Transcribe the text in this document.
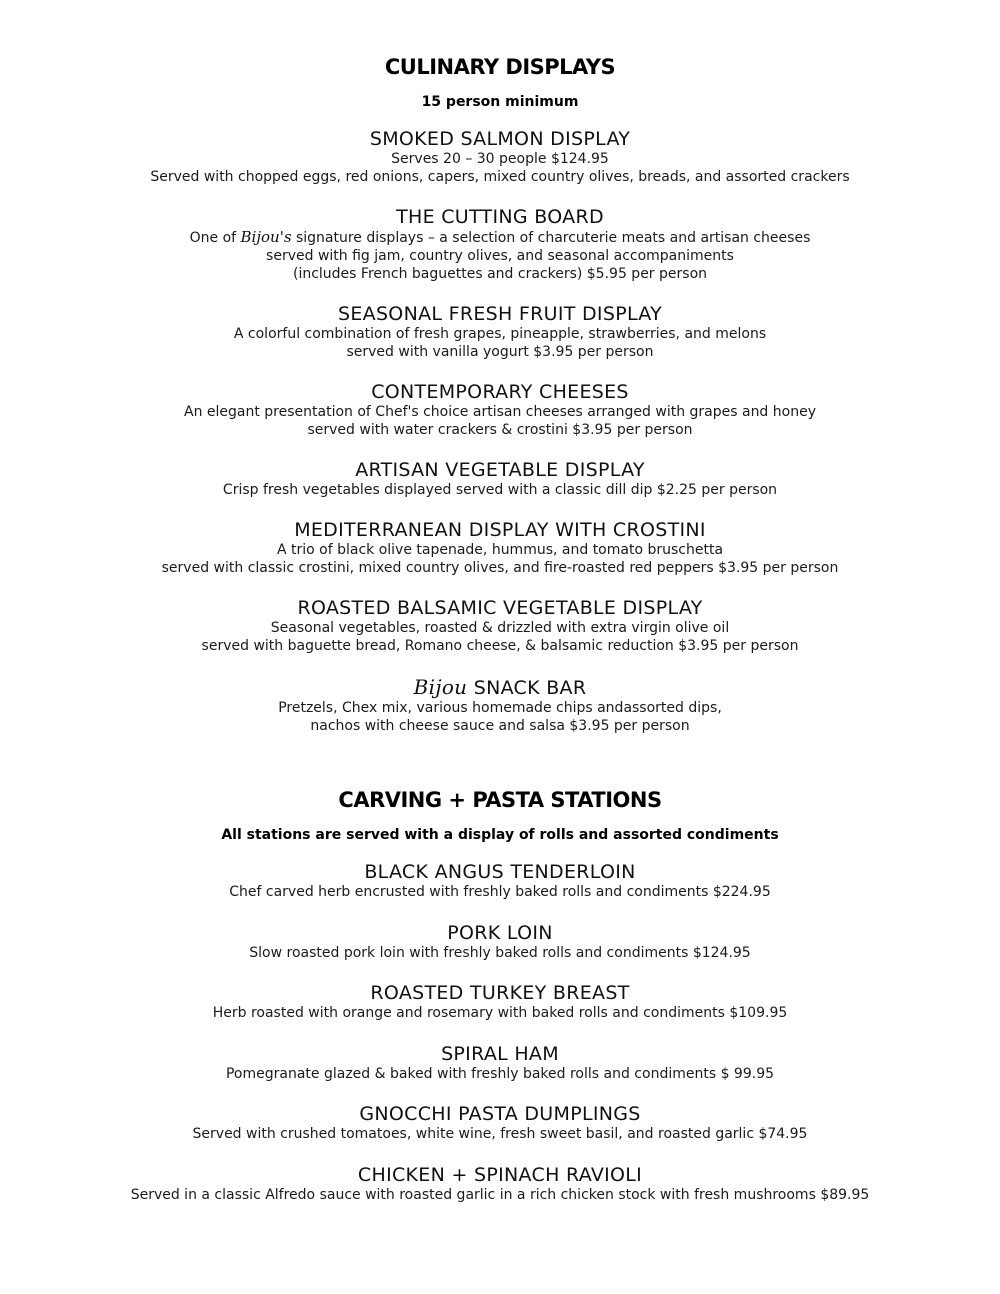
CULINARY DISPLAYS

15 person minimum

SMOKED SALMON DISPLAY

Serves 20 – 30 people $124.95

Served with chopped eggs, red onions, capers, mixed country olives, breads, and assorted crackers

THE CUTTING BOARD

One of Bijou's signature displays – a selection of charcuterie meats and artisan cheeses

served with fig jam, country olives, and seasonal accompaniments

(includes French baguettes and crackers) $5.95 per person

SEASONAL FRESH FRUIT DISPLAY

A colorful combination of fresh grapes, pineapple, strawberries, and melons

served with vanilla yogurt $3.95 per person

CONTEMPORARY CHEESES

An elegant presentation of Chef's choice artisan cheeses arranged with grapes and honey

served with water crackers & crostini $3.95 per person

ARTISAN VEGETABLE DISPLAY

Crisp fresh vegetables displayed served with a classic dill dip $2.25 per person

MEDITERRANEAN DISPLAY WITH CROSTINI

A trio of black olive tapenade, hummus, and tomato bruschetta

served with classic crostini, mixed country olives, and fire-roasted red peppers $3.95 per person

ROASTED BALSAMIC VEGETABLE DISPLAY

Seasonal vegetables, roasted & drizzled with extra virgin olive oil

served with baguette bread, Romano cheese, & balsamic reduction $3.95 per person

Bijou SNACK BAR

Pretzels, Chex mix, various homemade chips andassorted dips,

nachos with cheese sauce and salsa $3.95 per person

CARVING + PASTA STATIONS

All stations are served with a display of rolls and assorted condiments

BLACK ANGUS TENDERLOIN

Chef carved herb encrusted with freshly baked rolls and condiments $224.95

PORK LOIN

Slow roasted pork loin with freshly baked rolls and condiments $124.95

ROASTED TURKEY BREAST

Herb roasted with orange and rosemary with baked rolls and condiments $109.95

SPIRAL HAM

Pomegranate glazed & baked with freshly baked rolls and condiments $ 99.95

GNOCCHI PASTA DUMPLINGS

Served with crushed tomatoes, white wine, fresh sweet basil, and roasted garlic $74.95

CHICKEN + SPINACH RAVIOLI

Served in a classic Alfredo sauce with roasted garlic in a rich chicken stock with fresh mushrooms $89.95
